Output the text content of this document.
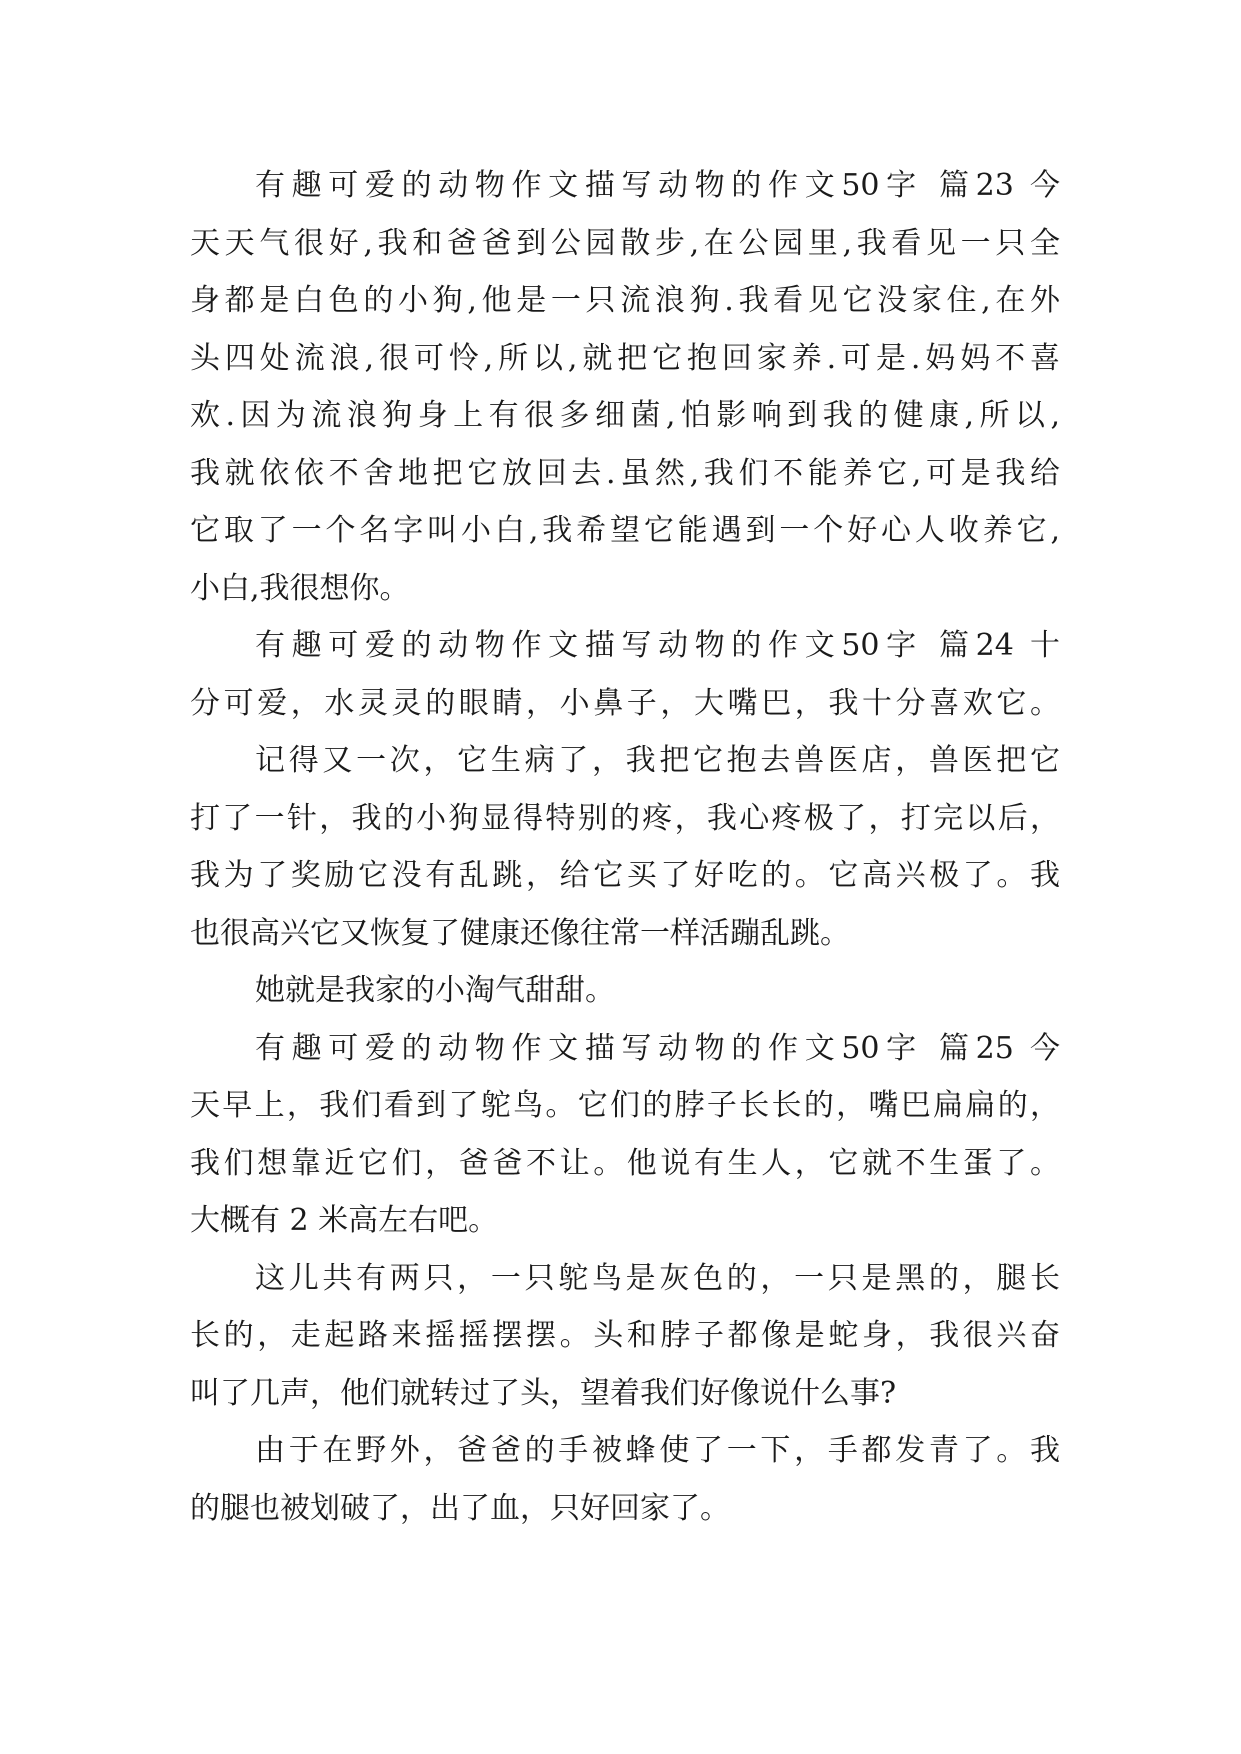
有趣可爱的动物作文描写动物的作文50字 篇23 今
天天气很好,我和爸爸到公园散步,在公园里,我看见一只全
身都是白色的小狗,他是一只流浪狗.我看见它没家住,在外
头四处流浪,很可怜,所以,就把它抱回家养.可是.妈妈不喜
欢.因为流浪狗身上有很多细菌,怕影响到我的健康,所以,
我就依依不舍地把它放回去.虽然,我们不能养它,可是我给
它取了一个名字叫小白,我希望它能遇到一个好心人收养它,
小白,我很想你。
有趣可爱的动物作文描写动物的作文50字 篇24 十
分可爱，水灵灵的眼睛，小鼻子，大嘴巴，我十分喜欢它。
记得又一次，它生病了，我把它抱去兽医店，兽医把它
打了一针，我的小狗显得特别的疼，我心疼极了，打完以后，
我为了奖励它没有乱跳，给它买了好吃的。它高兴极了。我
也很高兴它又恢复了健康还像往常一样活蹦乱跳。
她就是我家的小淘气甜甜。
有趣可爱的动物作文描写动物的作文50字 篇25 今
天早上，我们看到了鸵鸟。它们的脖子长长的，嘴巴扁扁的，
我们想靠近它们，爸爸不让。他说有生人，它就不生蛋了。
大概有 2 米高左右吧。
这儿共有两只，一只鸵鸟是灰色的，一只是黑的，腿长
长的，走起路来摇摇摆摆。头和脖子都像是蛇身，我很兴奋
叫了几声，他们就转过了头，望着我们好像说什么事?
由于在野外，爸爸的手被蜂使了一下，手都发青了。我
的腿也被划破了，出了血，只好回家了。
